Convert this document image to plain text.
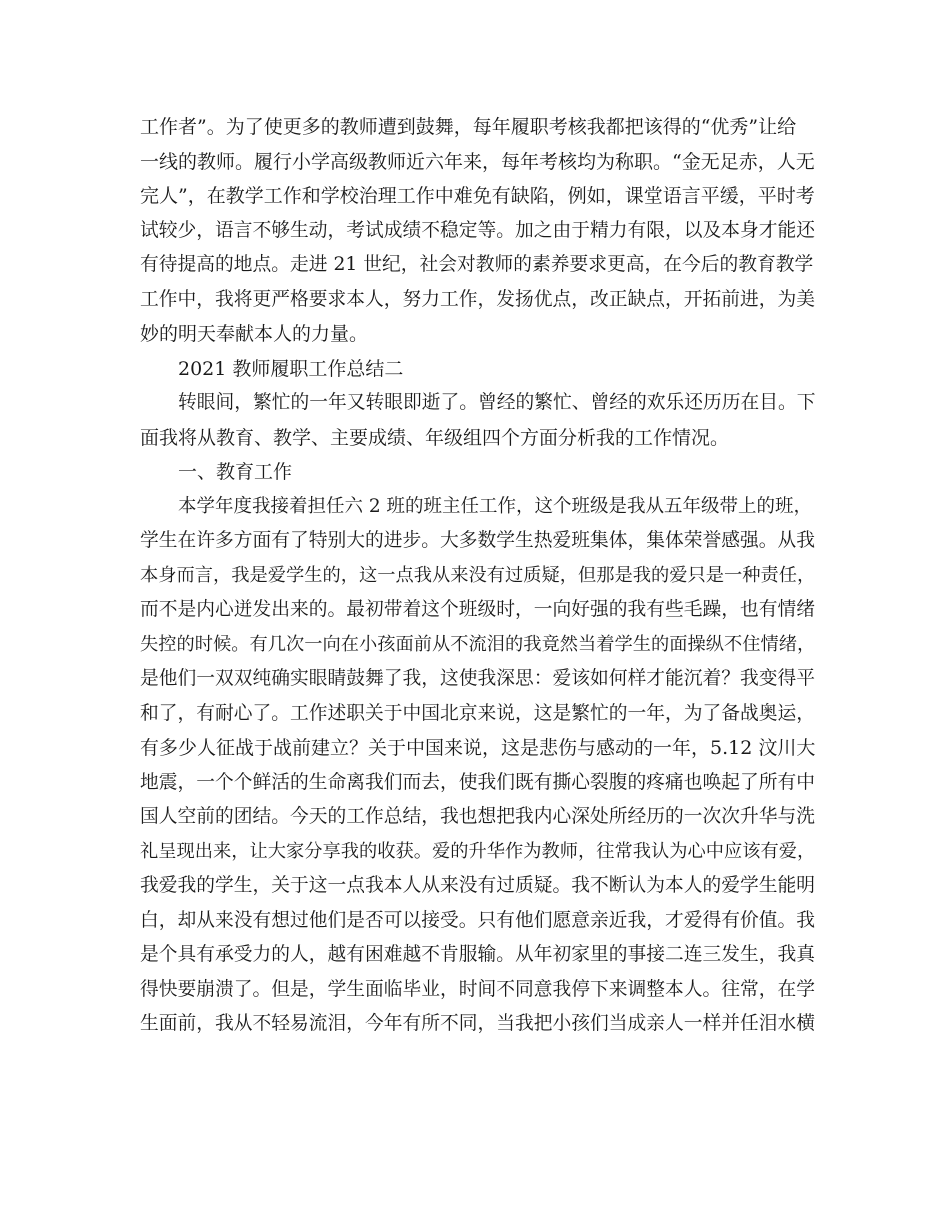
工作者”。为了使更多的教师遭到鼓舞，每年履职考核我都把该得的“优秀”让给
一线的教师。履行小学高级教师近六年来，每年考核均为称职。“金无足赤，人无
完人”，在教学工作和学校治理工作中难免有缺陷，例如，课堂语言平缓，平时考
试较少，语言不够生动，考试成绩不稳定等。加之由于精力有限，以及本身才能还
有待提高的地点。走进 21 世纪，社会对教师的素养要求更高，在今后的教育教学
工作中，我将更严格要求本人，努力工作，发扬优点，改正缺点，开拓前进，为美
妙的明天奉献本人的力量。
2021 教师履职工作总结二
转眼间，繁忙的一年又转眼即逝了。曾经的繁忙、曾经的欢乐还历历在目。下
面我将从教育、教学、主要成绩、年级组四个方面分析我的工作情况。
一、教育工作
本学年度我接着担任六 2 班的班主任工作，这个班级是我从五年级带上的班，
学生在许多方面有了特别大的进步。大多数学生热爱班集体，集体荣誉感强。从我
本身而言，我是爱学生的，这一点我从来没有过质疑，但那是我的爱只是一种责任，
而不是内心迸发出来的。最初带着这个班级时，一向好强的我有些毛躁，也有情绪
失控的时候。有几次一向在小孩面前从不流泪的我竟然当着学生的面操纵不住情绪，
是他们一双双纯确实眼睛鼓舞了我，这使我深思：爱该如何样才能沉着？我变得平
和了，有耐心了。工作述职关于中国北京来说，这是繁忙的一年，为了备战奥运，
有多少人征战于战前建立？关于中国来说，这是悲伤与感动的一年，5.12 汶川大
地震，一个个鲜活的生命离我们而去，使我们既有撕心裂腹的疼痛也唤起了所有中
国人空前的团结。今天的工作总结，我也想把我内心深处所经历的一次次升华与洗
礼呈现出来，让大家分享我的收获。爱的升华作为教师，往常我认为心中应该有爱，
我爱我的学生，关于这一点我本人从来没有过质疑。我不断认为本人的爱学生能明
白，却从来没有想过他们是否可以接受。只有他们愿意亲近我，才爱得有价值。我
是个具有承受力的人，越有困难越不肯服输。从年初家里的事接二连三发生，我真
得快要崩溃了。但是，学生面临毕业，时间不同意我停下来调整本人。往常，在学
生面前，我从不轻易流泪，今年有所不同，当我把小孩们当成亲人一样并任泪水横
